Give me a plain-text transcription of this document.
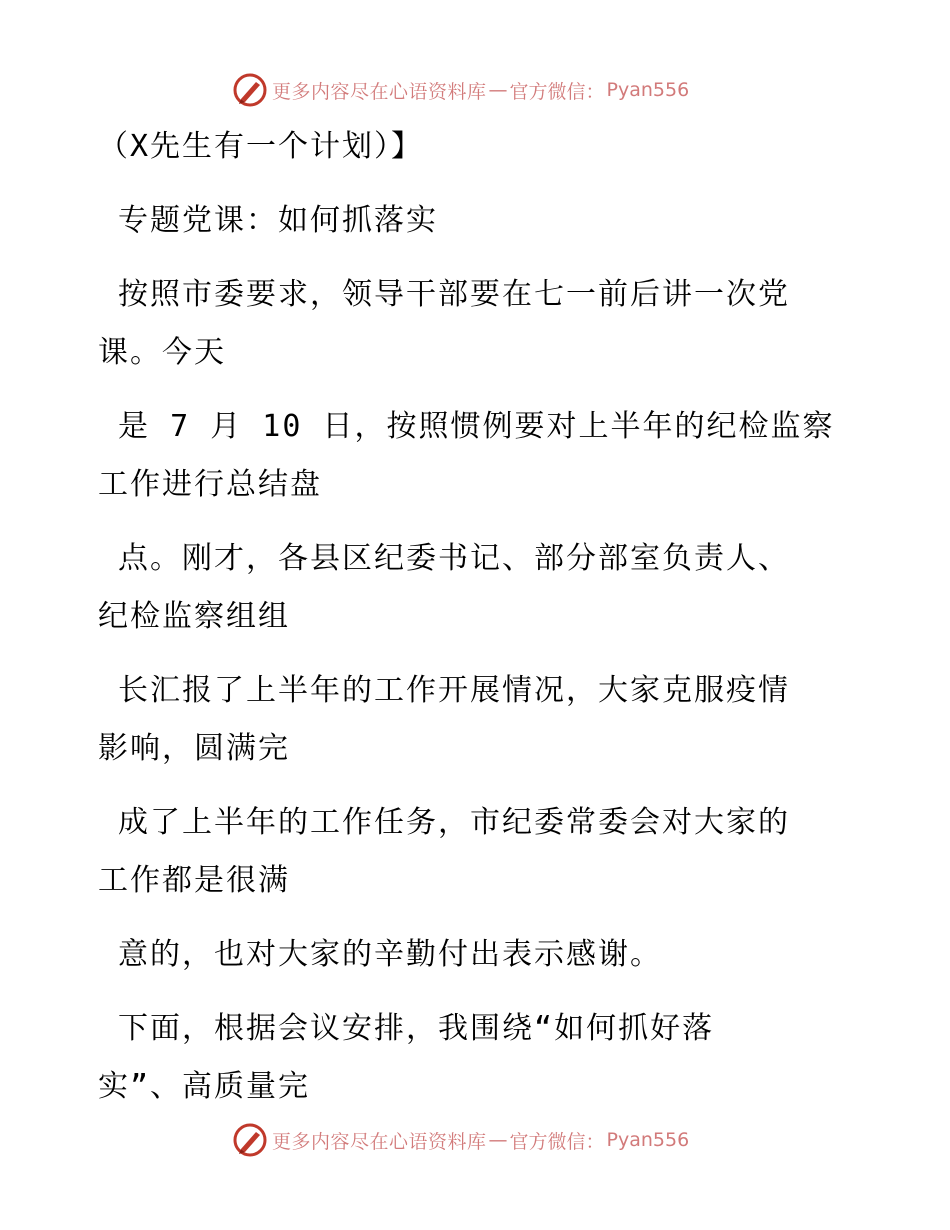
更多内容尽在心语资料库 — 官方微信： Pyan556

（X先生有一个计划）】

专题党课：如何抓落实

按照市委要求，领导干部要在七一前后讲一次党

课。今天

是 7 月 10 日，按照惯例要对上半年的纪检监察

工作进行总结盘

点。刚才，各县区纪委书记、部分部室负责人、

纪检监察组组

长汇报了上半年的工作开展情况，大家克服疫情

影响，圆满完

成了上半年的工作任务，市纪委常委会对大家的

工作都是很满

意的，也对大家的辛勤付出表示感谢。

下面，根据会议安排，我围绕“如何抓好落

实”、高质量完

更多内容尽在心语资料库 — 官方微信： Pyan556
